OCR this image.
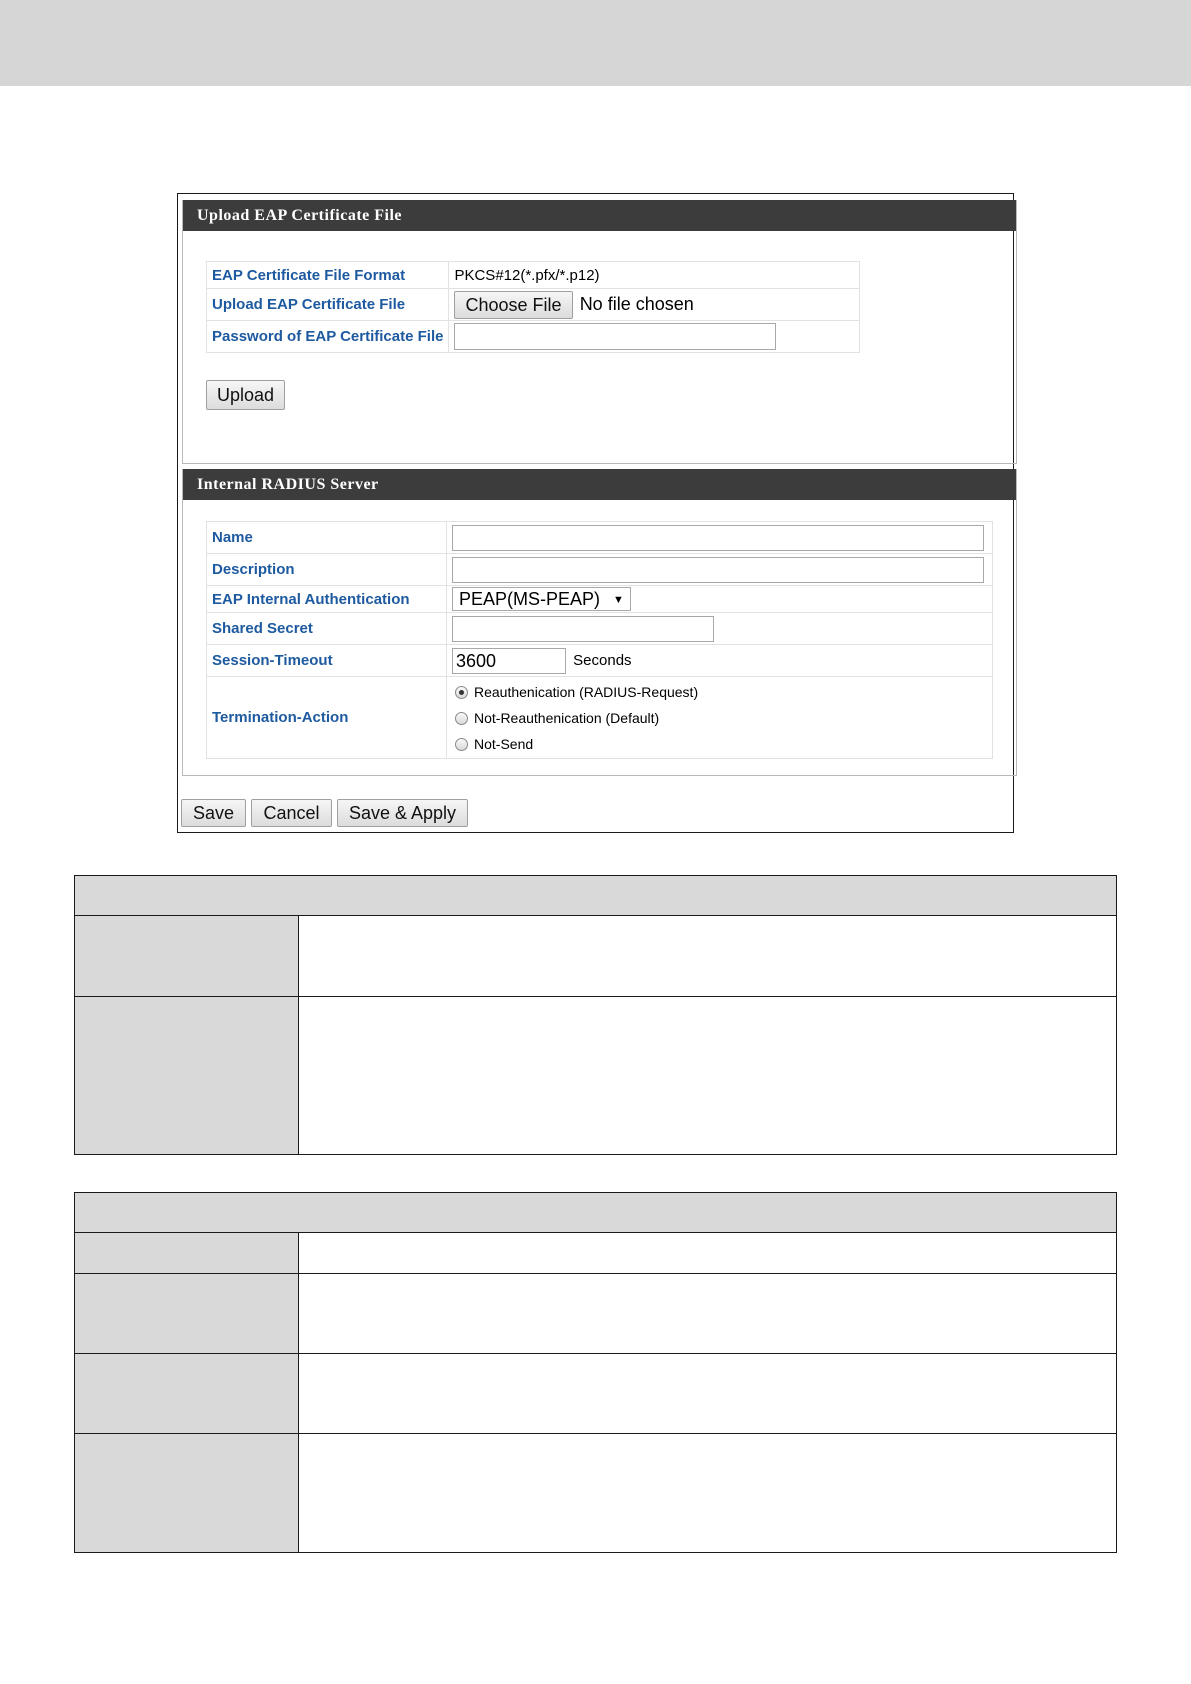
Upload EAP Certificate File
EAP Certificate File Format	PKCS#12(*.pfx/*.p12)
Upload EAP Certificate File	Choose File No file chosen
Password of EAP Certificate File	
Upload
Internal RADIUS Server
Name	
Description	
EAP Internal Authentication	PEAP(MS-PEAP) ▼
Shared Secret	
Session-Timeout	3600 Seconds
Termination-Action	Reauthenication (RADIUS-Request)
Not-Reauthenication (Default)
Not-Send
Save Cancel Save & Apply
